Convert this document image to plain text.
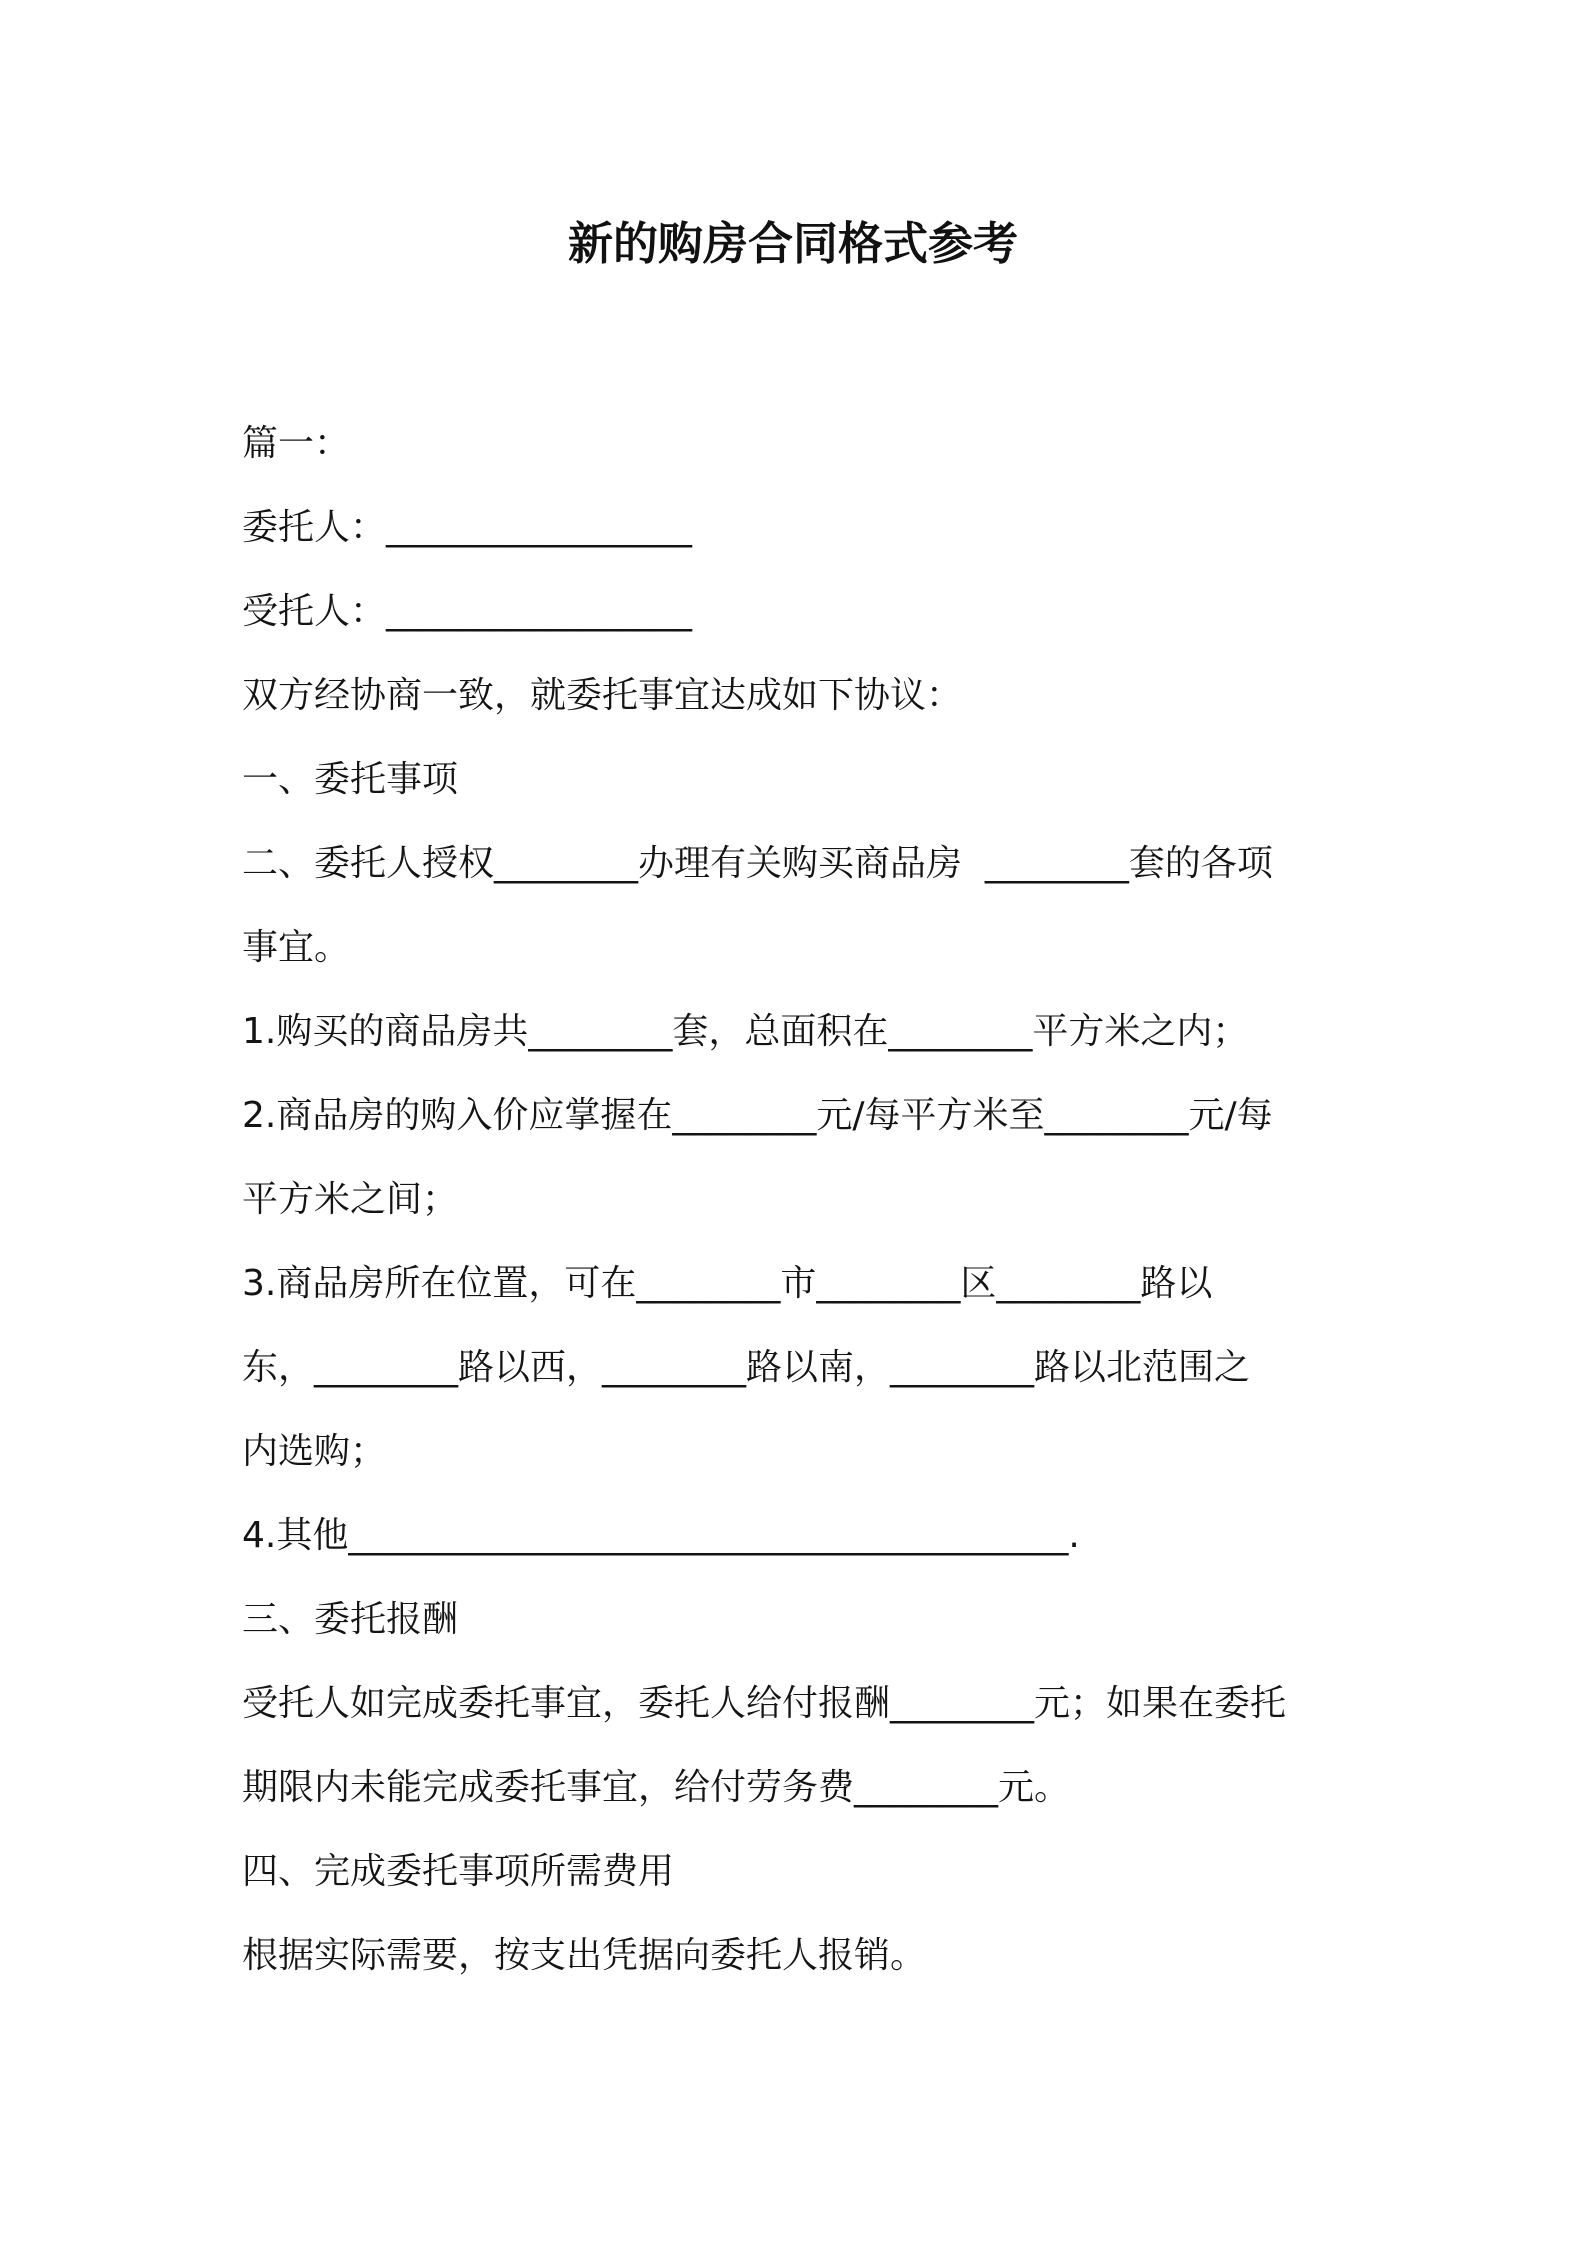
新的购房合同格式参考
篇一：
委托人：_________________
受托人：_________________
双方经协商一致，就委托事宜达成如下协议：
一、委托事项
二、委托人授权________办理有关购买商品房  ________套的各项
事宜。
1.购买的商品房共________套，总面积在________平方米之内；
2.商品房的购入价应掌握在________元/每平方米至________元/每
平方米之间；
3.商品房所在位置，可在________市________区________路以
东，________路以西，________路以南，________路以北范围之
内选购；
4.其他________________________________________.
三、委托报酬
受托人如完成委托事宜，委托人给付报酬________元；如果在委托
期限内未能完成委托事宜，给付劳务费________元。
四、完成委托事项所需费用
根据实际需要，按支出凭据向委托人报销。
